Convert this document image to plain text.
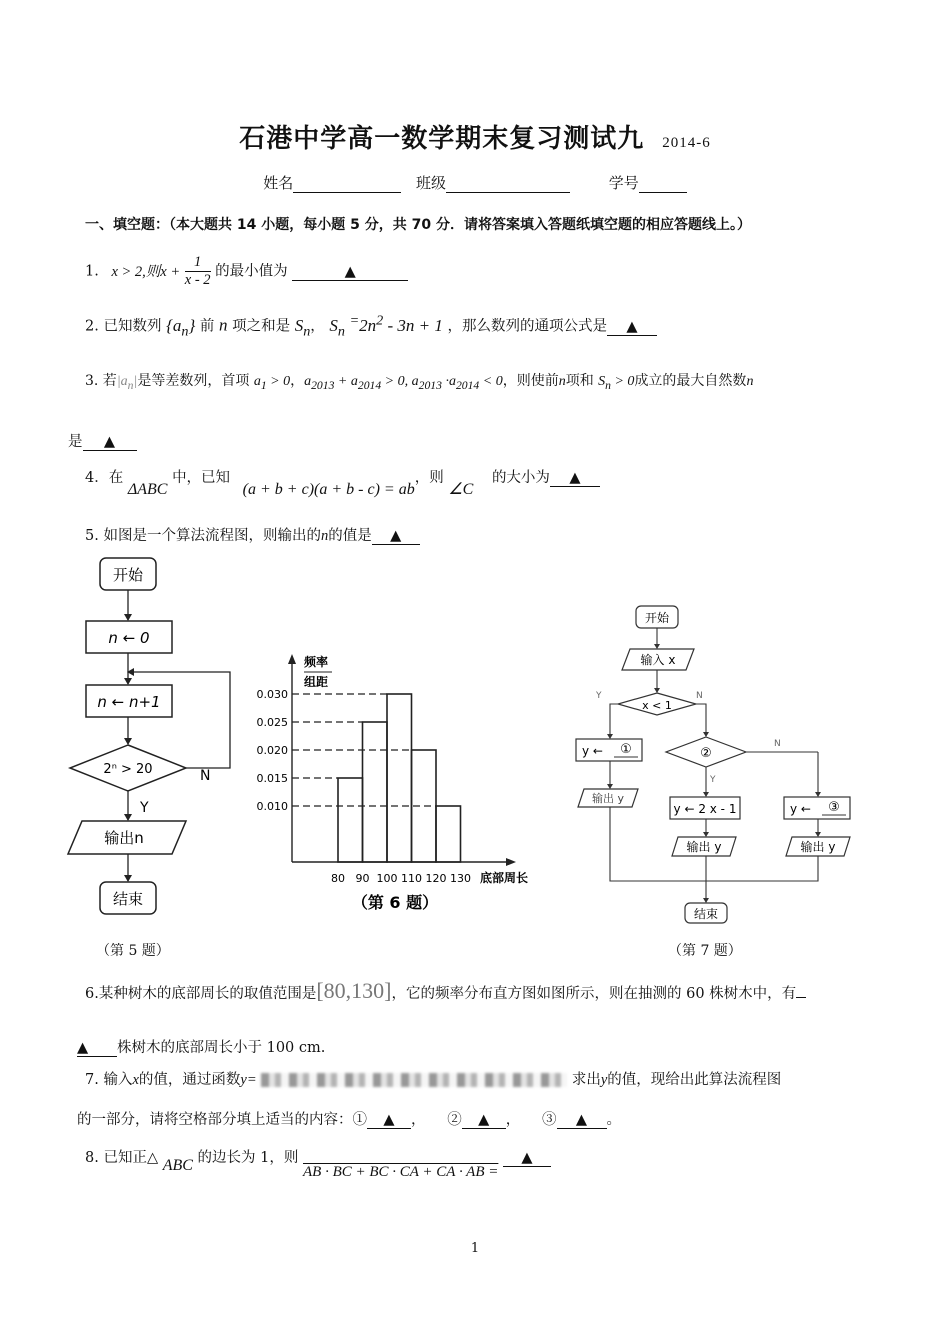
石港中学高一数学期末复习测试九 2014-6
姓名	班级	学号
一、填空题：（本大题共 14 小题，每小题 5 分，共 70 分．请将答案填入答题纸填空题的相应答题线上。）
1. x > 2,则$x + \frac{1}{x - 2}$ 的最小值为	▲
2. 已知数列 $\{a_n\}$ 前 n 项之和是 $S_n$， $S_n$ $^=2n^2 - 3n + 1$ ，那么数列的通项公式是 ▲
3. 若$|a_n|$是等差数列，首项 $a_1 > 0$，$a_{2013} + a_{2014} > 0$, $a_{2013} \cdot a_{2014} < 0$，则使前n项和 $S_n > 0$成立的最大自然数n
是 ▲
4．在 ΔABC 中，已知 (a + b + c)(a + b - c) = ab，则 ∠C 的大小为 ▲
5. 如图是一个算法流程图，则输出的n的值是 ▲
开始
n ← 0
n ← n+1
2ⁿ > 20	N
Y
输出n
结束
频率
组距
0.030
0.025
0.020
0.015
0.010
80 90 100 110 120 130 底部周长
（第 6 题）
开始
输入 x
x < 1
Y	N
y ← ①	②
N
Y
y ← 2 x - 1	y ← ③
输出 y
输出 y	输出 y
结束
（第 5 题）	（第 7 题）
6.某种树木的底部周长的取值范围是[80,130]，它的频率分布直方图如图所示，则在抽测的 60 株树木中，有
▲ 株树木的底部周长小于 100 cm.
7. 输入x的值，通过函数y=	求出y的值，现给出此算法流程图
的一部分，请将空格部分填上适当的内容：① ▲ ，　　② ▲ ，　　③ ▲ 。
8. 已知正△ ABC 的边长为 1，则 AB · BC + BC · CA + CA · AB = ▲
1
